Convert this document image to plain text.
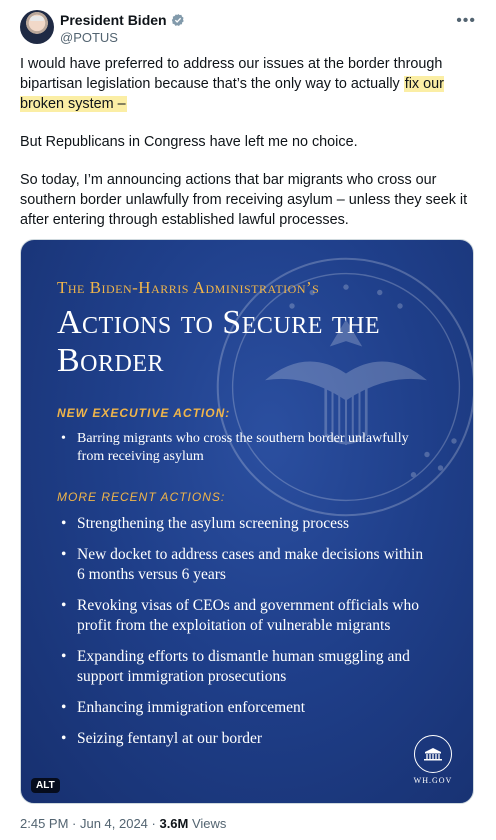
President Biden
@POTUS
•••

I would have preferred to address our issues at the border through bipartisan legislation because that’s the only way to actually fix our broken system –

But Republicans in Congress have left me no choice.

So today, I’m announcing actions that bar migrants who cross our southern border unlawfully from receiving asylum – unless they seek it after entering through established lawful processes.

The Biden-Harris Administration’s
Actions to Secure the Border
NEW EXECUTIVE ACTION:
• Barring migrants who cross the southern border unlawfully from receiving asylum
MORE RECENT ACTIONS:
• Strengthening the asylum screening process
• New docket to address cases and make decisions within 6 months versus 6 years
• Revoking visas of CEOs and government officials who profit from the exploitation of vulnerable migrants
• Expanding efforts to dismantle human smuggling and support immigration prosecutions
• Enhancing immigration enforcement
• Seizing fentanyl at our border
ALT	WH.GOV
2:45 PM · Jun 4, 2024 · 3.6M Views
